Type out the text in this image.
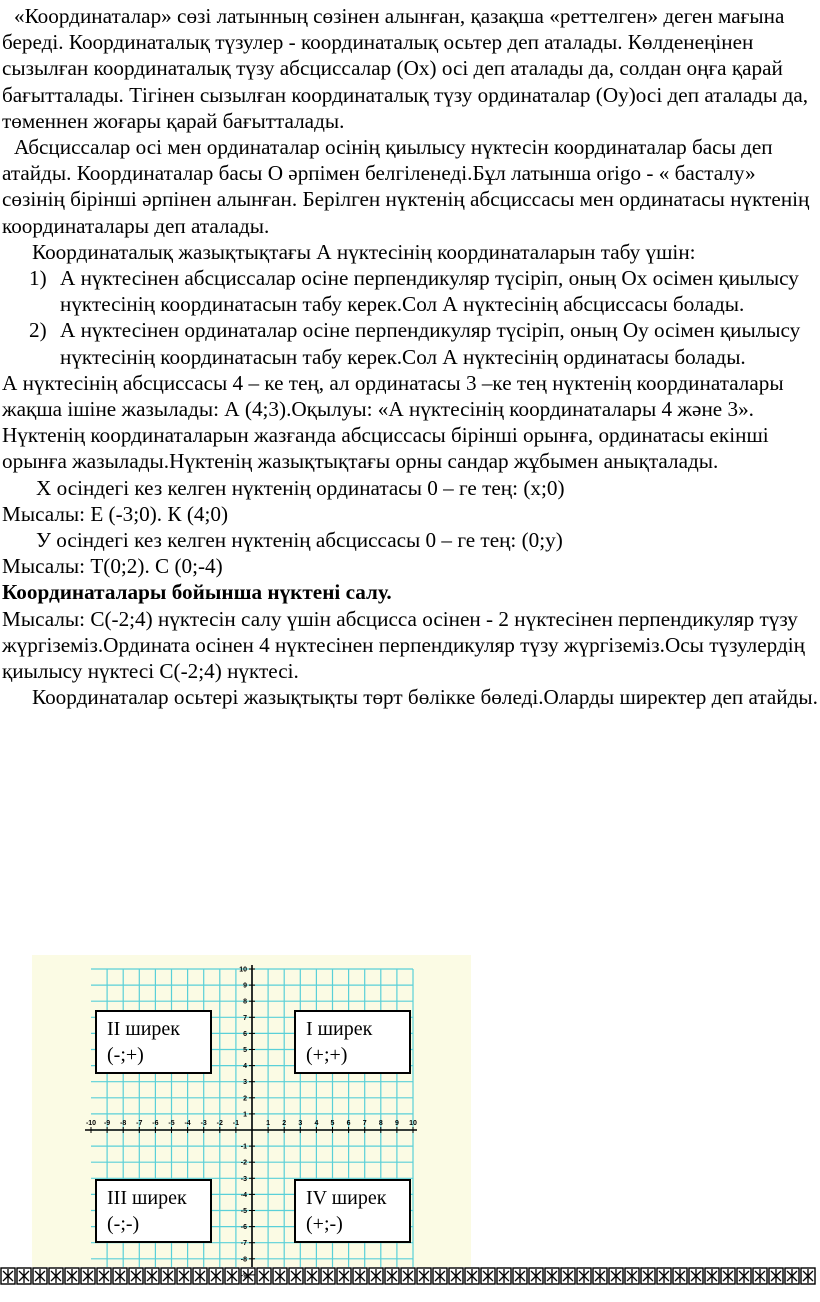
«Координаталар» сөзі латынның сөзінен алынған, қазақша «реттелген» деген мағына береді. Координаталық түзулер - координаталық осьтер деп аталады. Көлденеңінен сызылған координаталық түзу абсциссалар (Ох) осі деп аталады да, солдан оңға қарай бағытталады. Тігінен сызылған координаталық түзу ординаталар (Оу)осі деп аталады да, төменнен жоғары қарай бағытталады.

Абсциссалар осі мен ординаталар осінің қиылысу нүктесін координаталар басы деп атайды. Координаталар басы О әрпімен белгіленеді.Бұл латынша origo - « басталу» сөзінің бірінші әрпінен алынған. Берілген нүктенің абсциссасы мен ординатасы нүктенің координаталары деп аталады.

Координаталық жазықтықтағы А нүктесінің координаталарын табу үшін:

1) А нүктесінен абсциссалар осіне перпендикуляр түсіріп, оның Ох осімен қиылысу нүктесінің координатасын табу керек.Сол А нүктесінің абсциссасы болады.
2) А нүктесінен ординаталар осіне перпендикуляр түсіріп, оның Оу осімен қиылысу нүктесінің координатасын табу керек.Сол А нүктесінің ординатасы болады.

А нүктесінің абсциссасы 4 – ке тең, ал ординатасы 3 –ке тең нүктенің координаталары жақша ішіне жазылады: А (4;3).Оқылуы: «А нүктесінің координаталары 4 және 3». Нүктенің координаталарын жазғанда абсциссасы бірінші орынға, ординатасы екінші орынға жазылады.Нүктенің жазықтықтағы орны сандар жұбымен анықталады.

Х осіндегі кез келген нүктенің ординатасы 0 – ге тең: (х;0)

Мысалы: Е (-3;0). К (4;0)

У осіндегі кез келген нүктенің абсциссасы 0 – ге тең: (0;у)

Мысалы: Т(0;2). С (0;-4)

Координаталары бойынша нүктені салу.

Мысалы: С(-2;4) нүктесін салу үшін абсцисса осінен - 2 нүктесінен перпендикуляр түзу жүргіземіз.Ордината осінен 4 нүктесінен перпендикуляр түзу жүргіземіз.Осы түзулердің қиылысу нүктесі С(-2;4) нүктесі.

Координаталар осьтері жазықтықты төрт бөлікке бөледі.Оларды ширектер деп атайды.

-10 -9 -8 -7 -6 -5 -4 -3 -2 -1	1 2 3 4 5 6 7 8 9 10
10
9
8
7
6
5
4
3
2
1
-1
-2
-3
-4
-5
-6
-7
-8
-9
II ширек
(-;+)
I ширек
(+;+)
III ширек
(-;-)
IV ширек
(+;-)
